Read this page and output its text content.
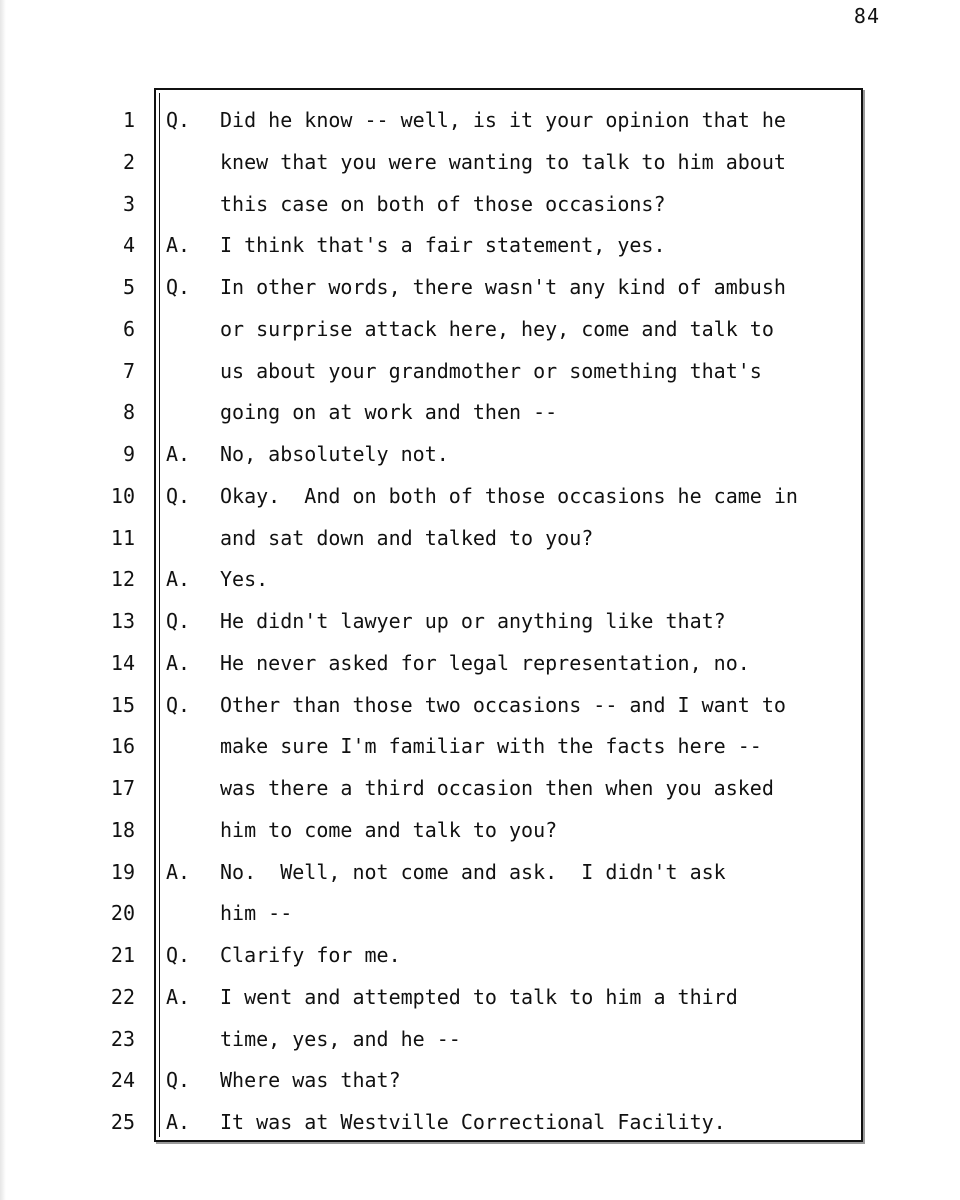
84
1 Q. Did he know -- well, is it your opinion that he
2	knew that you were wanting to talk to him about
3	this case on both of those occasions?
4 A. I think that's a fair statement, yes.
5 Q. In other words, there wasn't any kind of ambush
6	or surprise attack here, hey, come and talk to
7	us about your grandmother or something that's
8	going on at work and then --
9 A. No, absolutely not.
10 Q. Okay.  And on both of those occasions he came in
11	and sat down and talked to you?
12 A. Yes.
13 Q. He didn't lawyer up or anything like that?
14 A. He never asked for legal representation, no.
15 Q. Other than those two occasions -- and I want to
16	make sure I'm familiar with the facts here --
17	was there a third occasion then when you asked
18	him to come and talk to you?
19 A. No.  Well, not come and ask.  I didn't ask
20	him --
21 Q. Clarify for me.
22 A. I went and attempted to talk to him a third
23	time, yes, and he --
24 Q. Where was that?
25 A. It was at Westville Correctional Facility.
